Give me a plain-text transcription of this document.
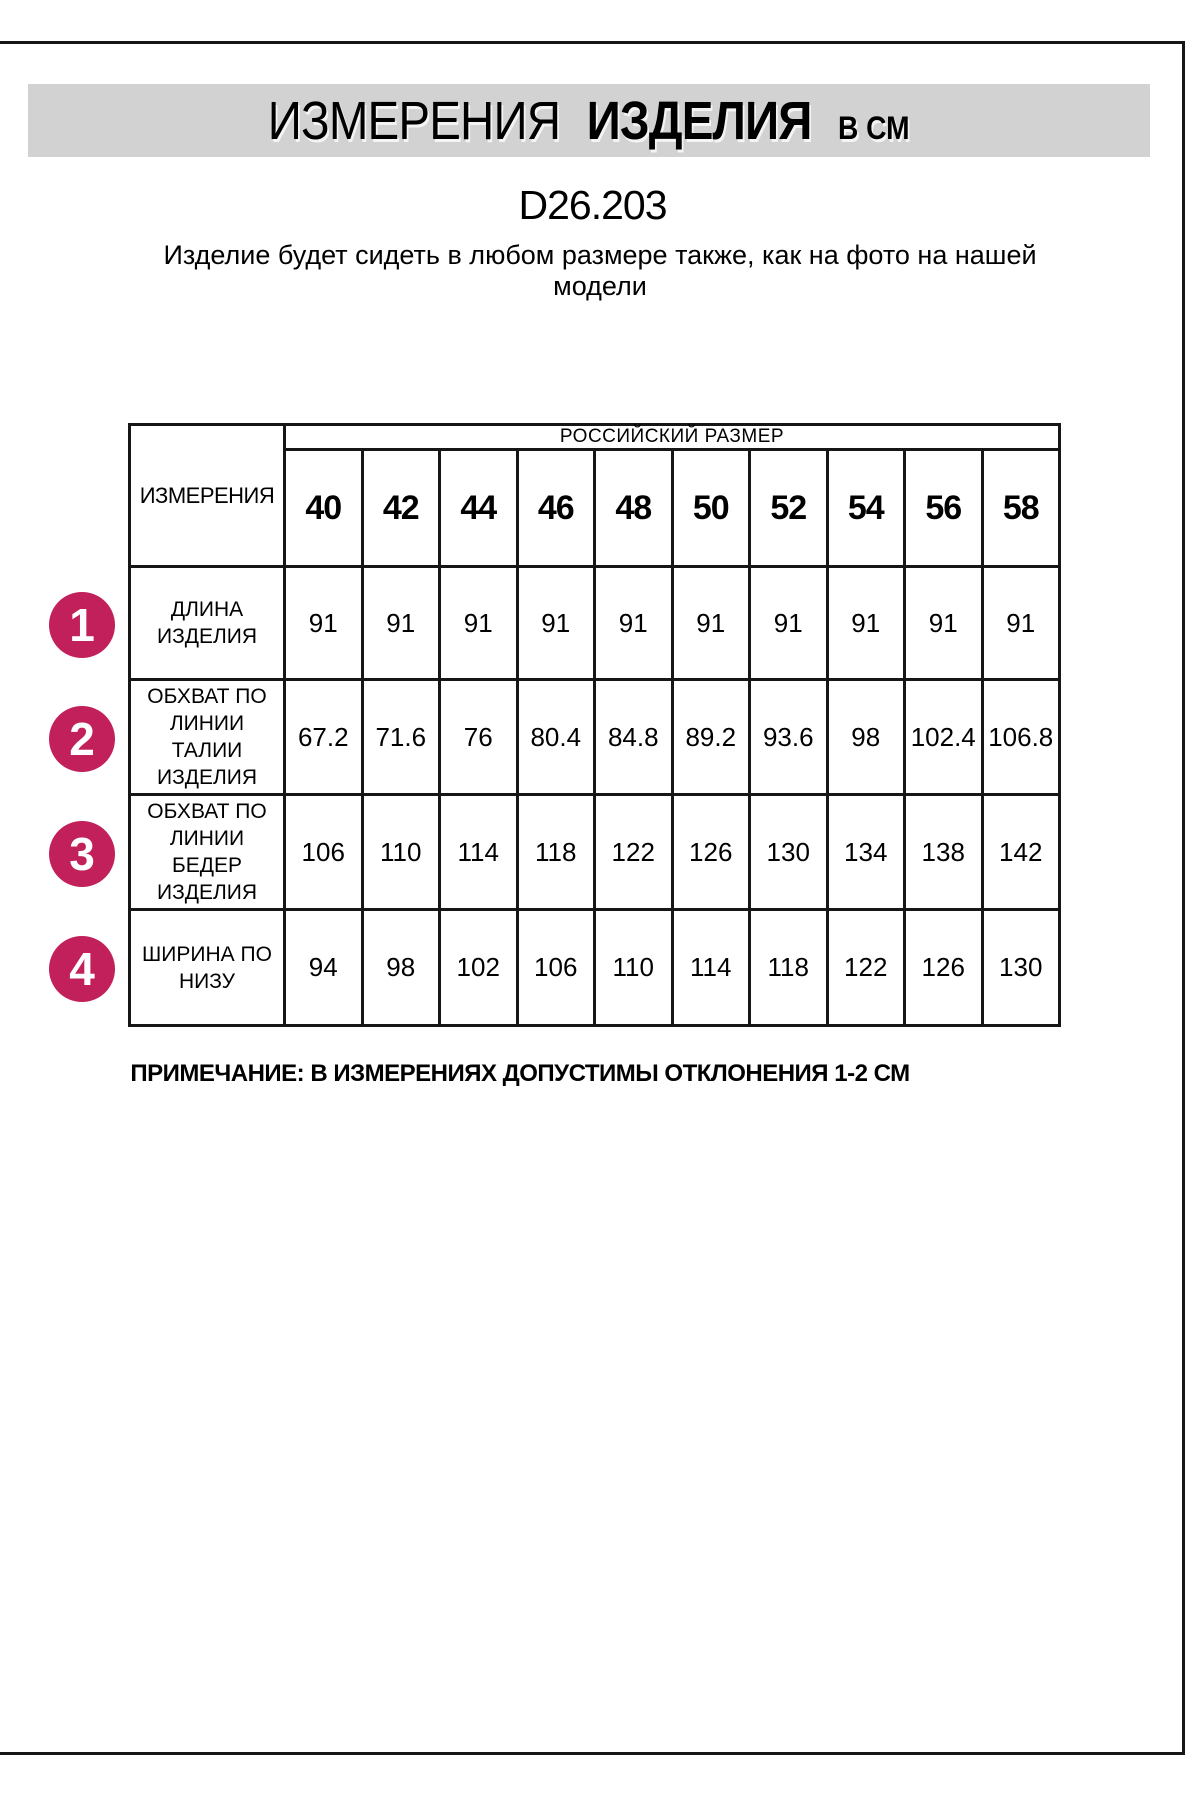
ИЗМЕРЕНИЯ ИЗДЕЛИЯ В СМ
D26.203
Изделие будет сидеть в любом размере также, как на фото на нашей модели
ИЗМЕРЕНИЯ	РОССИЙСКИЙ РАЗМЕР									
	40	42	44	46	48	50	52	54	56	58

ДЛИНА
ИЗДЕЛИЯ	91	91	91	91	91	91	91	91	91	91

ОБХВАТ ПО
ЛИНИИ
ТАЛИИ
ИЗДЕЛИЯ	67.2	71.6	76	80.4	84.8	89.2	93.6	98	102.4	106.8

ОБХВАТ ПО
ЛИНИИ
БЕДЕР
ИЗДЕЛИЯ	106	110	114	118	122	126	130	134	138	142

ШИРИНА ПО
НИЗУ	94	98	102	106	110	114	118	122	126	130
1
2
3
4
ПРИМЕЧАНИЕ: В ИЗМЕРЕНИЯХ ДОПУСТИМЫ ОТКЛОНЕНИЯ 1-2 СМ
